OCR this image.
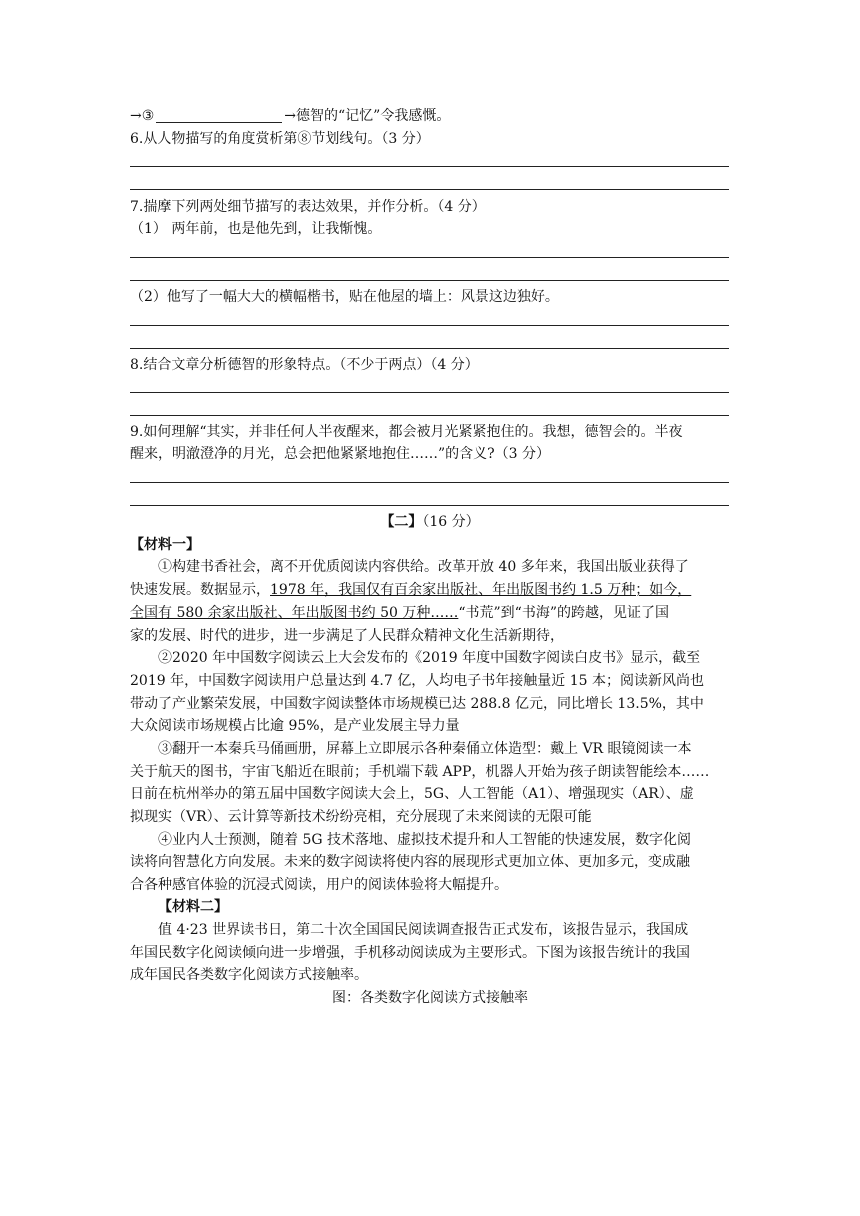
→③	→德智的“记忆”令我感慨。
6.从人物描写的角度赏析第⑧节划线句。（3 分）
7.揣摩下列两处细节描写的表达效果，并作分析。（4 分）
（1） 两年前，也是他先到，让我惭愧。
（2）他写了一幅大大的横幅楷书，贴在他屋的墙上：风景这边独好。
8.结合文章分析德智的形象特点。（不少于两点）（4 分）
9.如何理解“其实，并非任何人半夜醒来，都会被月光紧紧抱住的。我想，德智会的。半夜
醒来，明澈澄净的月光，总会把他紧紧地抱住……”的含义?（3 分）
【二】（16 分）
【材料一】
①构建书香社会，离不开优质阅读内容供给。改革开放 40 多年来，我国出版业获得了
快速发展。数据显示，1978 年，我国仅有百余家出版社、年出版图书约 1.5 万种；如今，
全国有 580 余家出版社、年出版图书约 50 万种……“书荒”到“书海”的跨越，见证了国
家的发展、时代的进步，进一步满足了人民群众精神文化生活新期待，
②2020 年中国数字阅读云上大会发布的《2019 年度中国数字阅读白皮书》显示，截至
2019 年，中国数字阅读用户总量达到 4.7 亿，人均电子书年接触量近 15 本；阅读新风尚也
带动了产业繁荣发展，中国数字阅读整体市场规模已达 288.8 亿元，同比增长 13.5%，其中
大众阅读市场规模占比逾 95%，是产业发展主导力量
③翻开一本秦兵马俑画册，屏幕上立即展示各种秦俑立体造型：戴上 VR 眼镜阅读一本
关于航天的图书，宇宙飞船近在眼前；手机端下载 APP，机器人开始为孩子朗读智能绘本……
日前在杭州举办的第五届中国数字阅读大会上，5G、人工智能（A1）、增强现实（AR）、虚
拟现实（VR）、云计算等新技术纷纷亮相，充分展现了未来阅读的无限可能
④业内人士预测，随着 5G 技术落地、虚拟技术提升和人工智能的快速发展，数字化阅
读将向智慧化方向发展。未来的数字阅读将使内容的展现形式更加立体、更加多元，变成融
合各种感官体验的沉浸式阅读，用户的阅读体验将大幅提升。
【材料二】
值 4·23 世界读书日，第二十次全国国民阅读调查报告正式发布，该报告显示，我国成
年国民数字化阅读倾向进一步增强，手机移动阅读成为主要形式。下图为该报告统计的我国
成年国民各类数字化阅读方式接触率。
图：各类数字化阅读方式接触率
